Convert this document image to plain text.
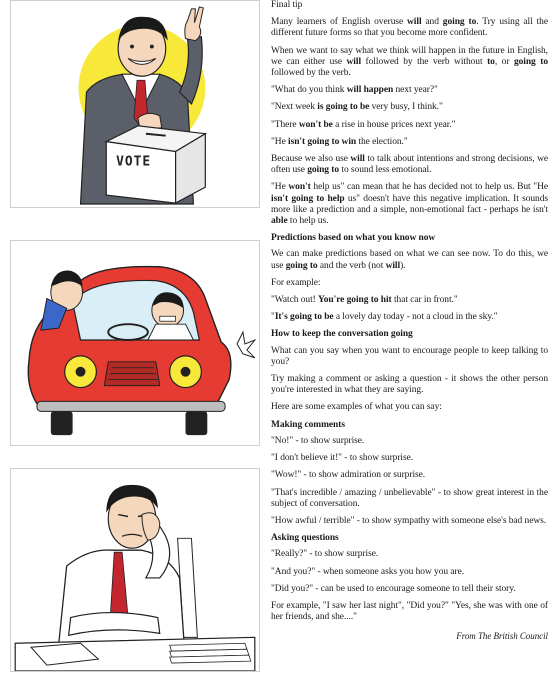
VOTE

Final tip

Many learners of English overuse will and going to. Try using all the different future forms so that you become more confident.

When we want to say what we think will happen in the future in English, we can either use will followed by the verb without to, or going to followed by the verb.

"What do you think will happen next year?"

"Next week is going to be very busy, I think."

"There won't be a rise in house prices next year."

"He isn't going to win the election."

Because we also use will to talk about intentions and strong decisions, we often use going to to sound less emotional.

"He won't help us" can mean that he has decided not to help us. But "He isn't going to help us" doesn't have this negative implication. It sounds more like a prediction and a simple, non-emotional fact - perhaps he isn't able to help us.

Predictions based on what you know now

We can make predictions based on what we can see now. To do this, we use going to and the verb (not will).

For example:

"Watch out! You're going to hit that car in front."

"It's going to be a lovely day today - not a cloud in the sky."

How to keep the conversation going

What can you say when you want to encourage people to keep talking to you?

Try making a comment or asking a question - it shows the other person you're interested in what they are saying.

Here are some examples of what you can say:

Making comments

"No!" - to show surprise.

"I don't believe it!" - to show surprise.

"Wow!" - to show admiration or surprise.

"That's incredible / amazing / unbelievable" - to show great interest in the subject of conversation.

"How awful / terrible" - to show sympathy with someone else's bad news.

Asking questions

"Really?" - to show surprise.

"And you?" - when someone asks you how you are.

"Did you?" - can be used to encourage someone to tell their story.

For example, "I saw her last night", "Did you?" "Yes, she was with one of her friends, and she...."

From The British Council
